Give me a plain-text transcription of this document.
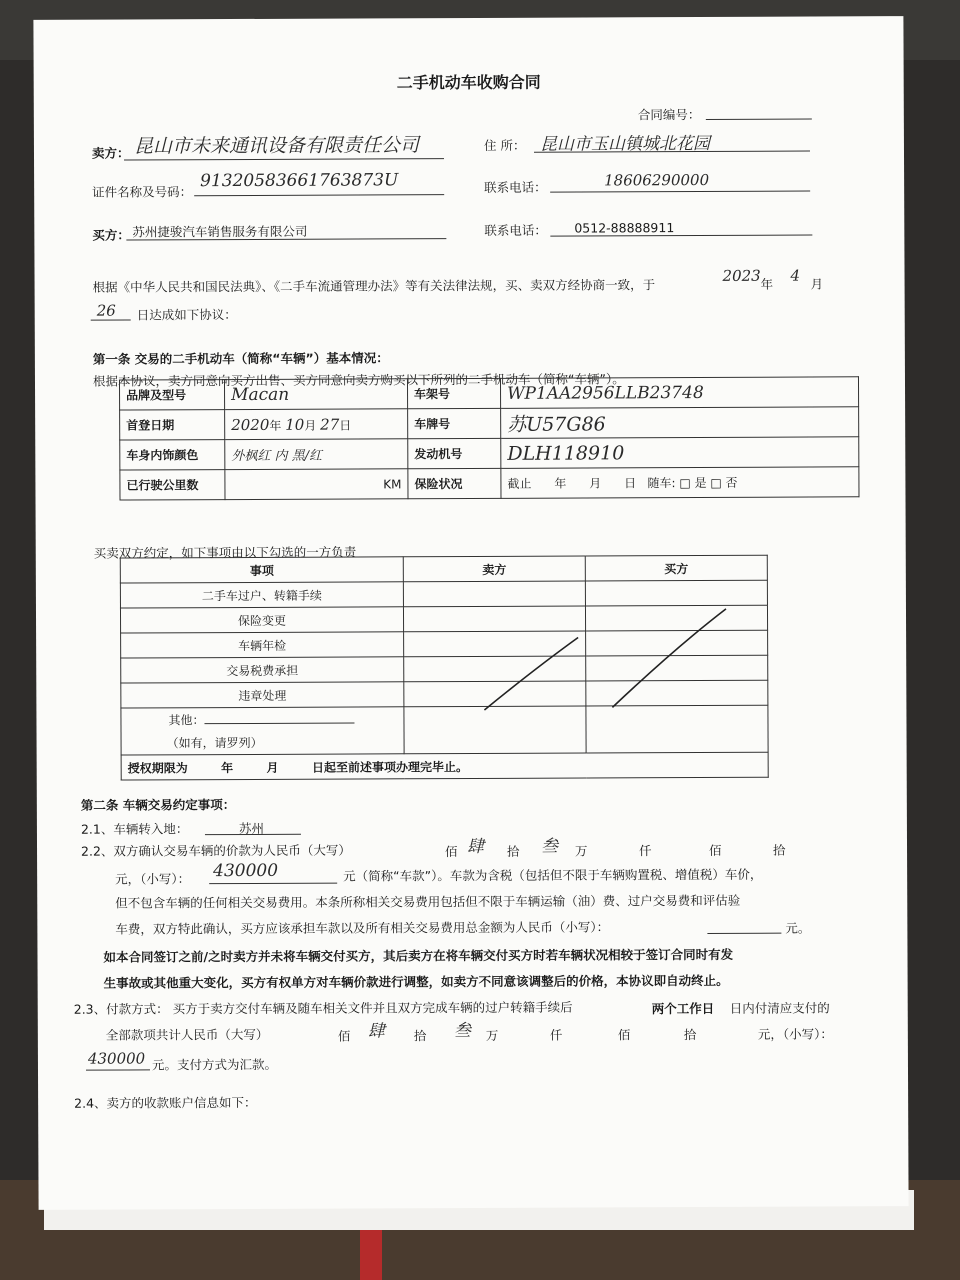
二手机动车收购合同
合同编号：
卖方： 昆山市未来通讯设备有限责任公司	住 所： 昆山市玉山镇城北花园
证件名称及号码：
91320583661763873U	联系电话：	18606290000
买方： 苏州捷骏汽车销售服务有限公司	联系电话： 0512-88888911
根据《中华人民共和国民法典》、《二手车流通管理办法》等有关法律法规，买、卖双方经协商一致，于
2023 年 4 月
26 日达成如下协议：
第一条 交易的二手机动车（简称“车辆”）基本情况：
根据本协议，卖方同意向买方出售、买方同意向卖方购买以下所列的二手机动车（简称“车辆”）。
品牌及型号	Macan	车架号	WP1AA2956LLB23748
首登日期	2020年 10月 27日	车牌号	苏U57G86
车身内饰颜色	外枫红 内 黑/红	发动机号	DLH118910
已行驶公里数	KM	保险状况	截止      年      月      日   随车: □ 是 □ 否
买卖双方约定，如下事项由以下勾选的一方负责
事项	卖方	买方
二手车过户、转籍手续		
保险变更		
车辆年检		
交易税费承担		
违章处理		

其他：
（如有，请罗列）		

授权期限为        年        月        日起至前述事项办理完毕止。		
第二条 车辆交易约定事项：
2.1、车辆转入地：	苏州
2.2、双方确认交易车辆的价款为人民币（大写）	佰 肆 拾 叁 万	仟	佰	拾
元，（小写）： 430000	元（简称“车款”）。车款为含税（包括但不限于车辆购置税、增值税）车价，
但不包含车辆的任何相关交易费用。本条所称相关交易费用包括但不限于车辆运输（油）费、过户交易费和评估验
车费，双方特此确认，买方应该承担车款以及所有相关交易费用总金额为人民币（小写）：	元。
如本合同签订之前/之时卖方并未将车辆交付买方，其后卖方在将车辆交付买方时若车辆状况相较于签订合同时有发
生事故或其他重大变化，买方有权单方对车辆价款进行调整，如卖方不同意该调整后的价格，本协议即自动终止。
2.3、付款方式： 买方于卖方交付车辆及随车相关文件并且双方完成车辆的过户转籍手续后	两个工作日 日内付清应支付的
全部款项共计人民币（大写）	佰 肆 拾 叁 万	仟	佰	拾	元，（小写）：
430000 元。支付方式为汇款。
2.4、卖方的收款账户信息如下：
